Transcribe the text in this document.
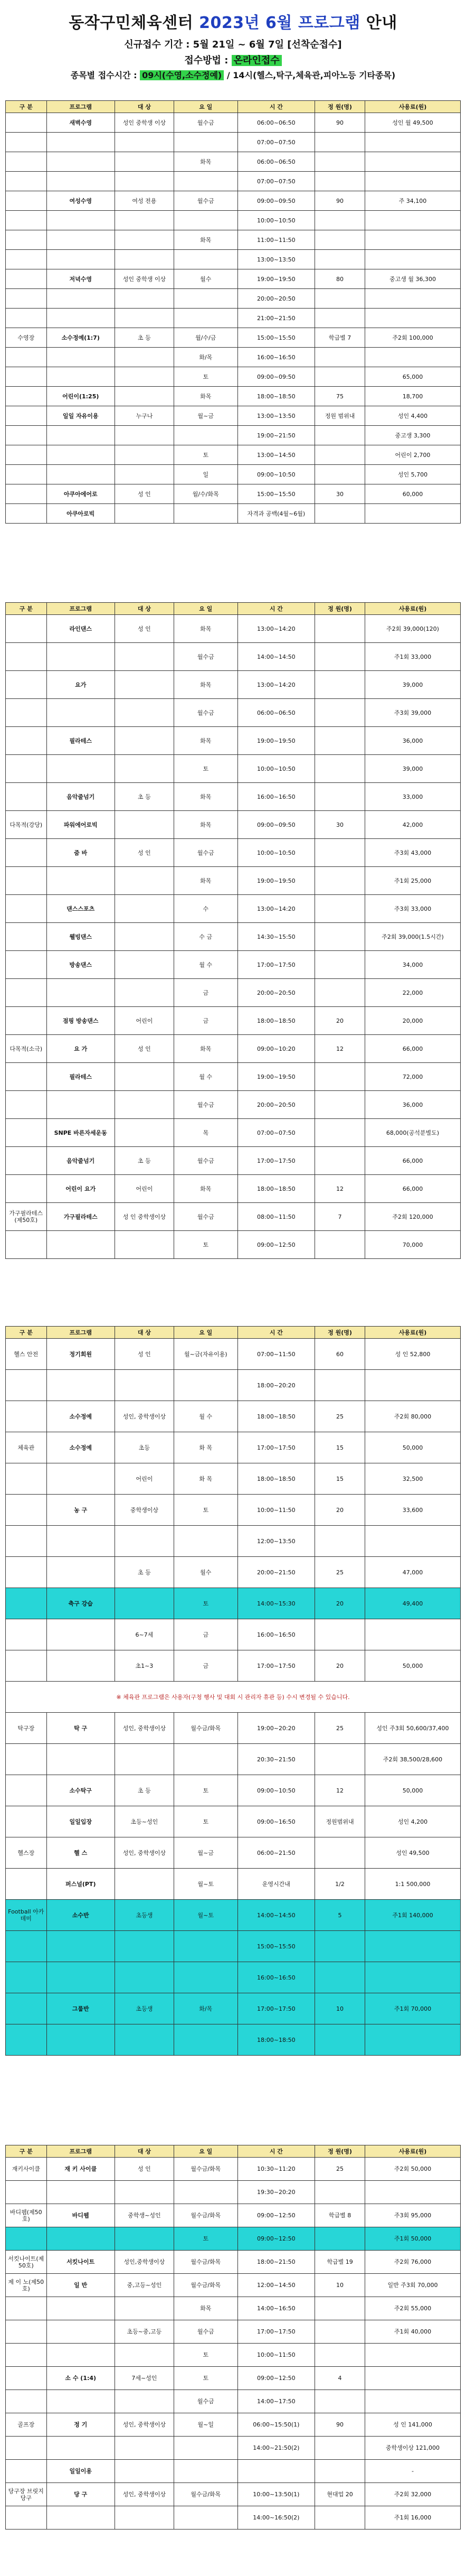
동작구민체육센터 2023년 6월 프로그램 안내
신규접수 기간 : 5월 21일 ~ 6월 7일 [선착순접수]
접수방법 : 온라인접수
종목별 접수시간 : 09시(수영,소수정예) / 14시(헬스,탁구,체육관,피아노등 기타종목)
구 분	프로그램	대 상	요 일	시 간	정 원(명)	사용료(원)
	새벽수영	성인 중학생 이상	월수금	06:00~06:50	90	성인 월 49,500
				07:00~07:50		
			화목	06:00~06:50		
				07:00~07:50		
	여성수영	여성 전용	월수금	09:00~09:50	90	주 34,100
				10:00~10:50		
			화목	11:00~11:50		
				13:00~13:50		
	저녁수영	성인 중학생 이상	월수	19:00~19:50	80	중고생 월 36,300
				20:00~20:50		
				21:00~21:50		
수영장	소수정예(1:7)	초 등	월/수/금	15:00~15:50	학급별 7	주2회 100,000
			화/목	16:00~16:50		
			토	09:00~09:50		65,000
	어린이(1:25)		화목	18:00~18:50	75	18,700
	일일 자유이용	누구나	월~금	13:00~13:50	정원 범위내	성인 4,400
				19:00~21:50		중고생 3,300
			토	13:00~14:50		어린이 2,700
			일	09:00~10:50		성인 5,700
	아쿠아에어로	성 인	월/수/화목	15:00~15:50	30	60,000
	아쿠아로빅			자격과 공백(4월~6월)		
구 분	프로그램	대 상	요 일	시 간	정 원(명)	사용료(원)
	라인댄스	성 인	화목	13:00~14:20		주2회 39,000(120)
			월수금	14:00~14:50		주1회 33,000
	요가		화목	13:00~14:20		39,000
			월수금	06:00~06:50		주3회 39,000
	필라테스		화목	19:00~19:50		36,000
			토	10:00~10:50		39,000
	음악줄넘기	초 등	화목	16:00~16:50		33,000
다목적(강당)	파워에어로빅		화목	09:00~09:50	30	42,000
	줌 바	성 인	월수금	10:00~10:50		주3회 43,000
			화목	19:00~19:50		주1회 25,000
	댄스스포츠		수	13:00~14:20		주3회 33,000
	웰빙댄스		수 금	14:30~15:50		주2회 39,000(1.5시간)
	방송댄스		월 수	17:00~17:50		34,000
			금	20:00~20:50		22,000
	점핑 방송댄스	어린이	금	18:00~18:50	20	20,000
다목적(소극)	요 가	성 인	화목	09:00~10:20	12	66,000
	필라테스		월 수	19:00~19:50		72,000
			월수금	20:00~20:50		36,000
	SNPE 바른자세운동		목	07:00~07:50		68,000(공석분별도)
	음악줄넘기	초 등	월수금	17:00~17:50		66,000
	어린이 요가	어린이	화목	18:00~18:50	12	66,000
가구필라테스(제50호)	가구필라테스	성 인 중학생이상	월수금	08:00~11:50	7	주2회 120,000
			토	09:00~12:50		70,000
구 분	프로그램	대 상	요 일	시 간	정 원(명)	사용료(원)
헬스 안전	정기회원	성 인	월~금(자유이용)	07:00~11:50	60	성 인 52,800
				18:00~20:20		
	소수정예	성인, 중학생이상	월 수	18:00~18:50	25	주2회 80,000
체육관	소수정예	초등	화 목	17:00~17:50	15	50,000
		어린이	화 목	18:00~18:50	15	32,500
	농 구	중학생이상	토	10:00~11:50	20	33,600
				12:00~13:50		
		초 등	월수	20:00~21:50	25	47,000
	축구 강습		토	14:00~15:30	20	49,400
		6~7세	금	16:00~16:50		
		초1~3	금	17:00~17:50	20	50,000
※ 체육관 프로그램은 사용자(구청 행사 및 대회 시 관리자 휴관 등) 수시 변경될 수 있습니다.						
탁구장	탁 구	성인, 중학생이상	월수금/화목	19:00~20:20	25	성인 주3회 50,600/37,400
				20:30~21:50		주2회 38,500/28,600
	소수탁구	초 등	토	09:00~10:50	12	50,000
	일일입장	초등~성인	토	09:00~16:50	정원범위내	성인 4,200
헬스장	헬 스	성인, 중학생이상	월~금	06:00~21:50		성인 49,500
	퍼스널(PT)		월~토	운영시간내	1/2	1:1 500,000
Football 아카데미	소수반	초등생	월~토	14:00~14:50	5	주1회 140,000
				15:00~15:50		
				16:00~16:50		
	그룹반	초등생	화/목	17:00~17:50	10	주1회 70,000
				18:00~18:50		
구 분	프로그램	대 상	요 일	시 간	정 원(명)	사용료(원)
재키사이클	재 키 사이클	성 인	월수금/화목	10:30~11:20	25	주2회 50,000
				19:30~20:20		
바디웹(제50호)	바디웹	중학생~성인	월수금/화목	09:00~12:50	학급별 8	주3회 95,000
			토	09:00~12:50		주1회 50,000
서킷나이트(제50호)	서킷나이트	성인,중학생이상	월수금/화목	18:00~21:50	학급별 19	주2회 76,000
제 이 노(제50호)	일 반	중,고등~성인	월수금/화목	12:00~14:50	10	일반 주3회 70,000
			화목	14:00~16:50		주2회 55,000
		초등~중,고등	월수금	17:00~17:50		주1회 40,000
			토	10:00~11:50		
	소 수 (1:4)	7세~성인	토	09:00~12:50	4	
			월수금	14:00~17:50		
골프장	정 기	성인, 중학생이상	월~일	06:00~15:50(1)	90	성 인 141,000
				14:00~21:50(2)		중학생이상 121,000
	일일이용					-
당구장 브릿지당구	당 구	성인, 중학생이상	월수금/화목	10:00~13:50(1)	현대업 20	주2회 32,000
				14:00~16:50(2)		주1회 16,000
